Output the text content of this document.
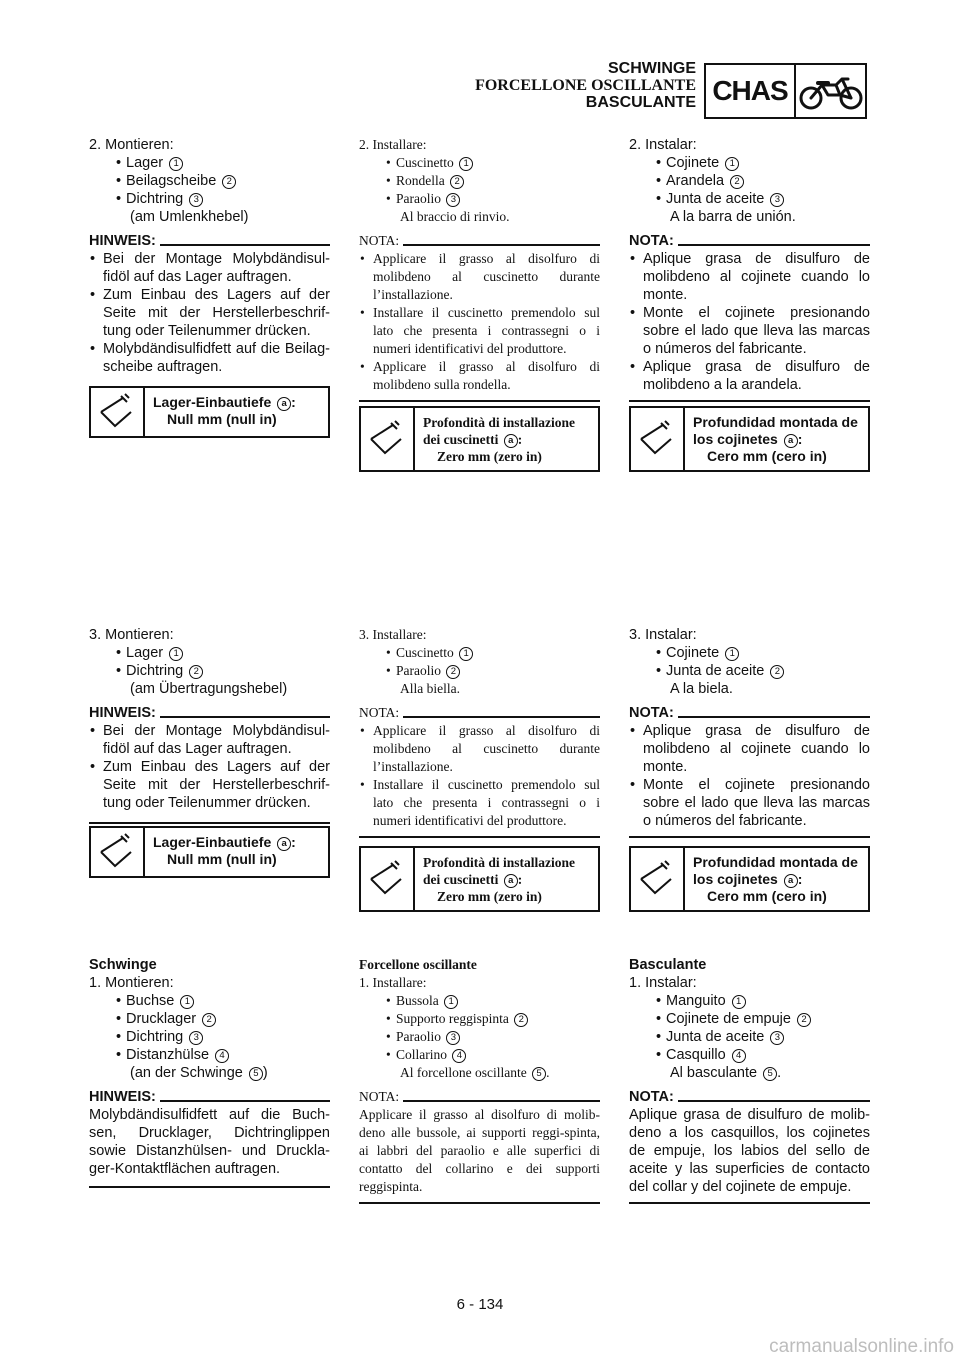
SCHWINGE
FORCELLONE OSCILLANTE
BASCULANTE CHAS
2. Montieren:
• Lager 1
• Beilagscheibe 2
• Dichtring 3
(am Umlenkhebel)
HINWEIS:
• Bei der Montage Molybdändisul-fidöl auf das Lager auftragen.
• Zum Einbau des Lagers auf der Seite mit der Herstellerbeschrif-tung oder Teilenummer drücken.
• Molybdändisulfidfett auf die Beilag-scheibe auftragen.
Lager-Einbautiefe a :
Null mm (null in)
2. Installare:
• Cuscinetto 1
• Rondella 2
• Paraolio 3
Al braccio di rinvio.
NOTA:
• Applicare il grasso al disolfuro di molibdeno al cuscinetto durante l’installazione.
• Installare il cuscinetto premendolo sul lato che presenta i contrassegni o i numeri identificativi del produttore.
• Applicare il grasso al disolfuro di molibdeno sulla rondella.
Profondità di installazione
dei cuscinetti a :
Zero mm (zero in)
2. Instalar:
• Cojinete 1
• Arandela 2
• Junta de aceite 3
A la barra de unión.
NOTA:
• Aplique grasa de disulfuro de molibdeno al cojinete cuando lo monte.
• Monte el cojinete presionando sobre el lado que lleva las marcas o números del fabricante.
• Aplique grasa de disulfuro de molibdeno a la arandela.
Profundidad montada de
los cojinetes a :
Cero mm (cero in)
3. Montieren:
• Lager 1
• Dichtring 2
(am Übertragungshebel)
HINWEIS:
• Bei der Montage Molybdändisul-fidöl auf das Lager auftragen.
• Zum Einbau des Lagers auf der Seite mit der Herstellerbeschrif-tung oder Teilenummer drücken.
Lager-Einbautiefe a :
Null mm (null in)
3. Installare:
• Cuscinetto 1
• Paraolio 2
Alla biella.
NOTA:
• Applicare il grasso al disolfuro di molibdeno al cuscinetto durante l’installazione.
• Installare il cuscinetto premendolo sul lato che presenta i contrassegni o i numeri identificativi del produttore.
Profondità di installazione
dei cuscinetti a :
Zero mm (zero in)
3. Instalar:
• Cojinete 1
• Junta de aceite 2
A la biela.
NOTA:
• Aplique grasa de disulfuro de molibdeno al cojinete cuando lo monte.
• Monte el cojinete presionando sobre el lado que lleva las marcas o números del fabricante.
Profundidad montada de
los cojinetes a :
Cero mm (cero in)
Schwinge
1. Montieren:
• Buchse 1
• Drucklager 2
• Dichtring 3
• Distanzhülse 4
(an der Schwinge 5 )
HINWEIS:
Molybdändisulfidfett auf die Buch-sen, Drucklager, Dichtringlippen sowie Distanzhülsen- und Druckla-ger-Kontaktflächen auftragen.
Forcellone oscillante
1. Installare:
• Bussola 1
• Supporto reggispinta 2
• Paraolio 3
• Collarino 4
Al forcellone oscillante 5 .
NOTA:
Applicare il grasso al disolfuro di molib-deno alle bussole, ai supporti reggi-spinta, ai labbri del paraolio e alle superfici di contatto del collarino e dei supporti reggispinta.
Basculante
1. Instalar:
• Manguito 1
• Cojinete de empuje 2
• Junta de aceite 3
• Casquillo 4
Al basculante 5 .
NOTA:
Aplique grasa de disulfuro de molib-deno a los casquillos, los cojinetes de empuje, los labios del sello de aceite y las superficies de contacto del collar y del cojinete de empuje.
6 - 134
carmanualsonline.info
